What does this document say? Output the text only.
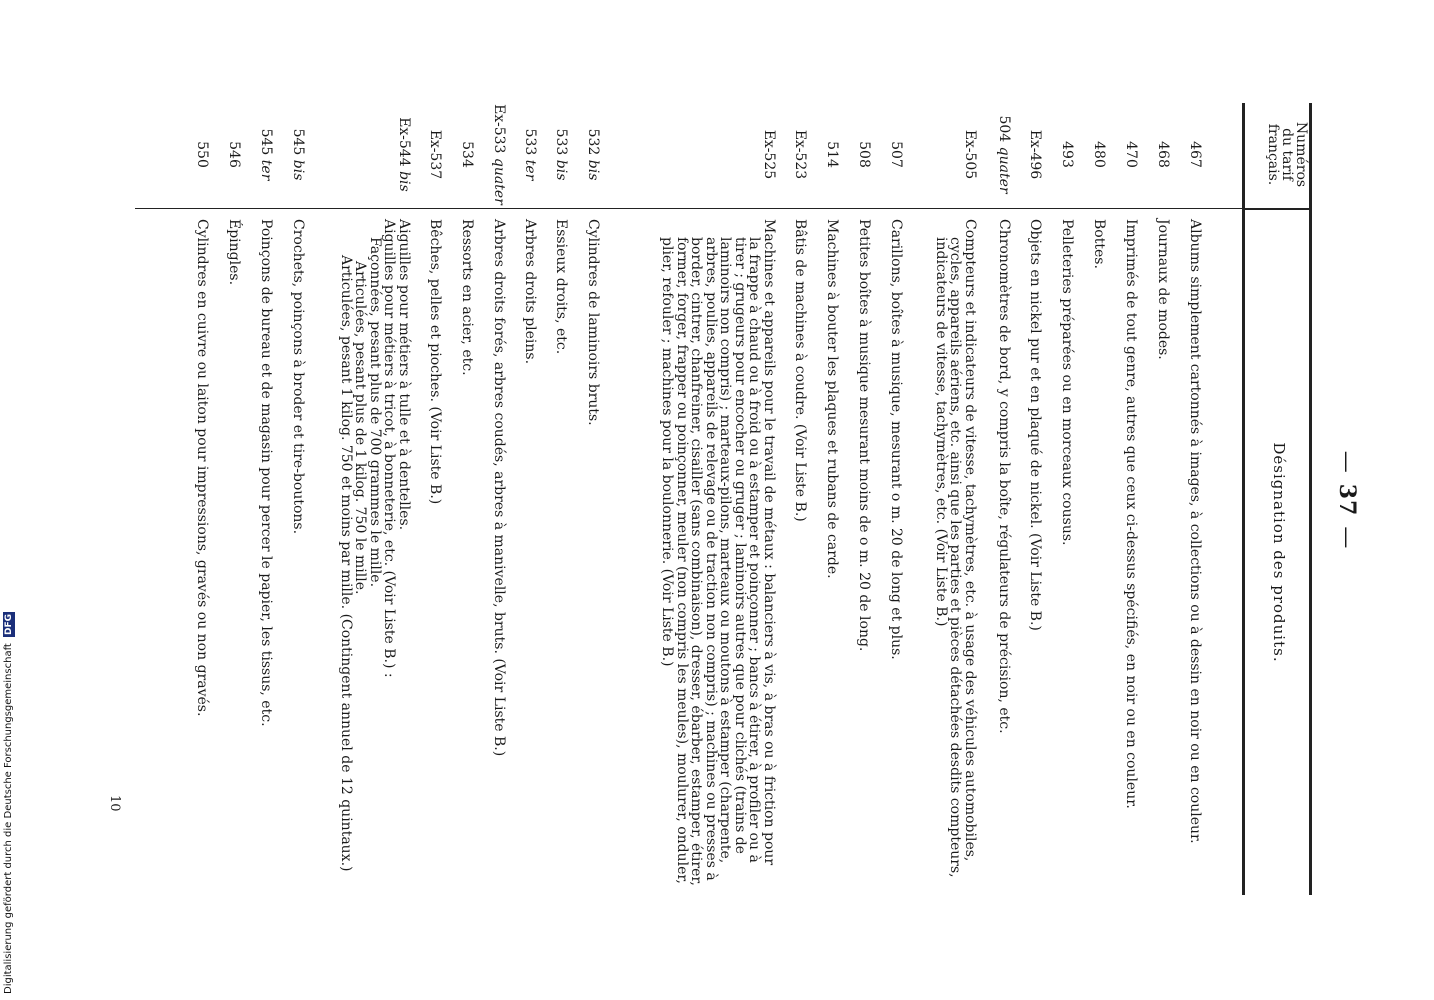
—37—
Numéros
du tarif
français.
Désignation des produits.
467
Albums simplement cartonnés à images, à collections ou à dessin en noir ou en couleur.
468
Journaux de modes.
470
Imprimés de tout genre, autres que ceux ci-dessus spécifiés, en noir ou en couleur.
480
Bottes.
493
Pelleteries préparées ou en morceaux cousus.
Ex-496
Objets en nickel pur et en plaqué de nickel. (Voir Liste B.)
504 quater
Chronomètres de bord, y compris la boîte, régulateurs de précision, etc.
Ex-505
Compteurs et indicateurs de vitesse, tachymètres, etc. à usage des véhicules automobiles,
cycles, appareils aériens, etc. ainsi que les parties et pièces détachées desdits compteurs,
indicateurs de vitesse, tachymètres, etc. (Voir Liste B.)
507
Carillons, boîtes à musique, mesurant o m. 20 de long et plus.
508
Petites boîtes à musique mesurant moins de o m. 20 de long.
514
Machines à bouter les plaques et rubans de carde.
Ex-523
Bâtis de machines à coudre. (Voir Liste B.)
Ex-525
Machines et appareils pour le travail de métaux : balanciers à vis, à bras ou à friction pour
la frappe à chaud ou à froid ou à estamper et poinçonner ; bancs à étirer, à profiler ou à
tirer ; grugeurs pour encocher ou gruger ; laminoirs autres que pour clichés (trains de
laminoirs non compris) ; marteaux-pilons, marteaux ou moutons à estamper (charpente,
arbres, poulies, appareils de relevage ou de traction non compris) ; machines ou presses à
border, cintrer, chanfreiner, cisailler (sans combinaison), dresser, ébarber, estamper, étirer,
former, forger, frapper ou poinçonner, meuler (non compris les meules), moulurer, onduler,
plier, refouler ; machines pour la boulonnerie. (Voir Liste B.)
532 bis
Cylindres de laminoirs bruts.
533 bis
Essieux droits, etc.
533 ter
Arbres droits pleins.
Ex-533 quater
Arbres droits forés, arbres coudés, arbres à manivelle, bruts. (Voir Liste B.)
534
Ressorts en acier, etc.
Ex-537
Bêches, pelles et pioches. (Voir Liste B.)
Ex-544 bis
Aiguilles pour métiers à tulle et à dentelles.
Aiguilles pour métiers à tricot, à bonneterie, etc. (Voir Liste B.) :
Façonnées, pesant plus de 700 grammes le mille.
Articulées, pesant plus de 1 kilog. 750 le mille.
Articulées, pesant 1 kilog. 750 et moins par mille. (Contingent annuel de 12 quintaux.)
545 bis
Crochets, poinçons à broder et tire-boutons.
545 ter
Poinçons de bureau et de magasin pour percer le papier, les tissus, etc.
546
Épingles.
550
Cylindres en cuivre ou laiton pour impressions, gravés ou non gravés.
10
Digitalisierung gefördert durch die Deutsche Forschungsgemeinschaft DFG
